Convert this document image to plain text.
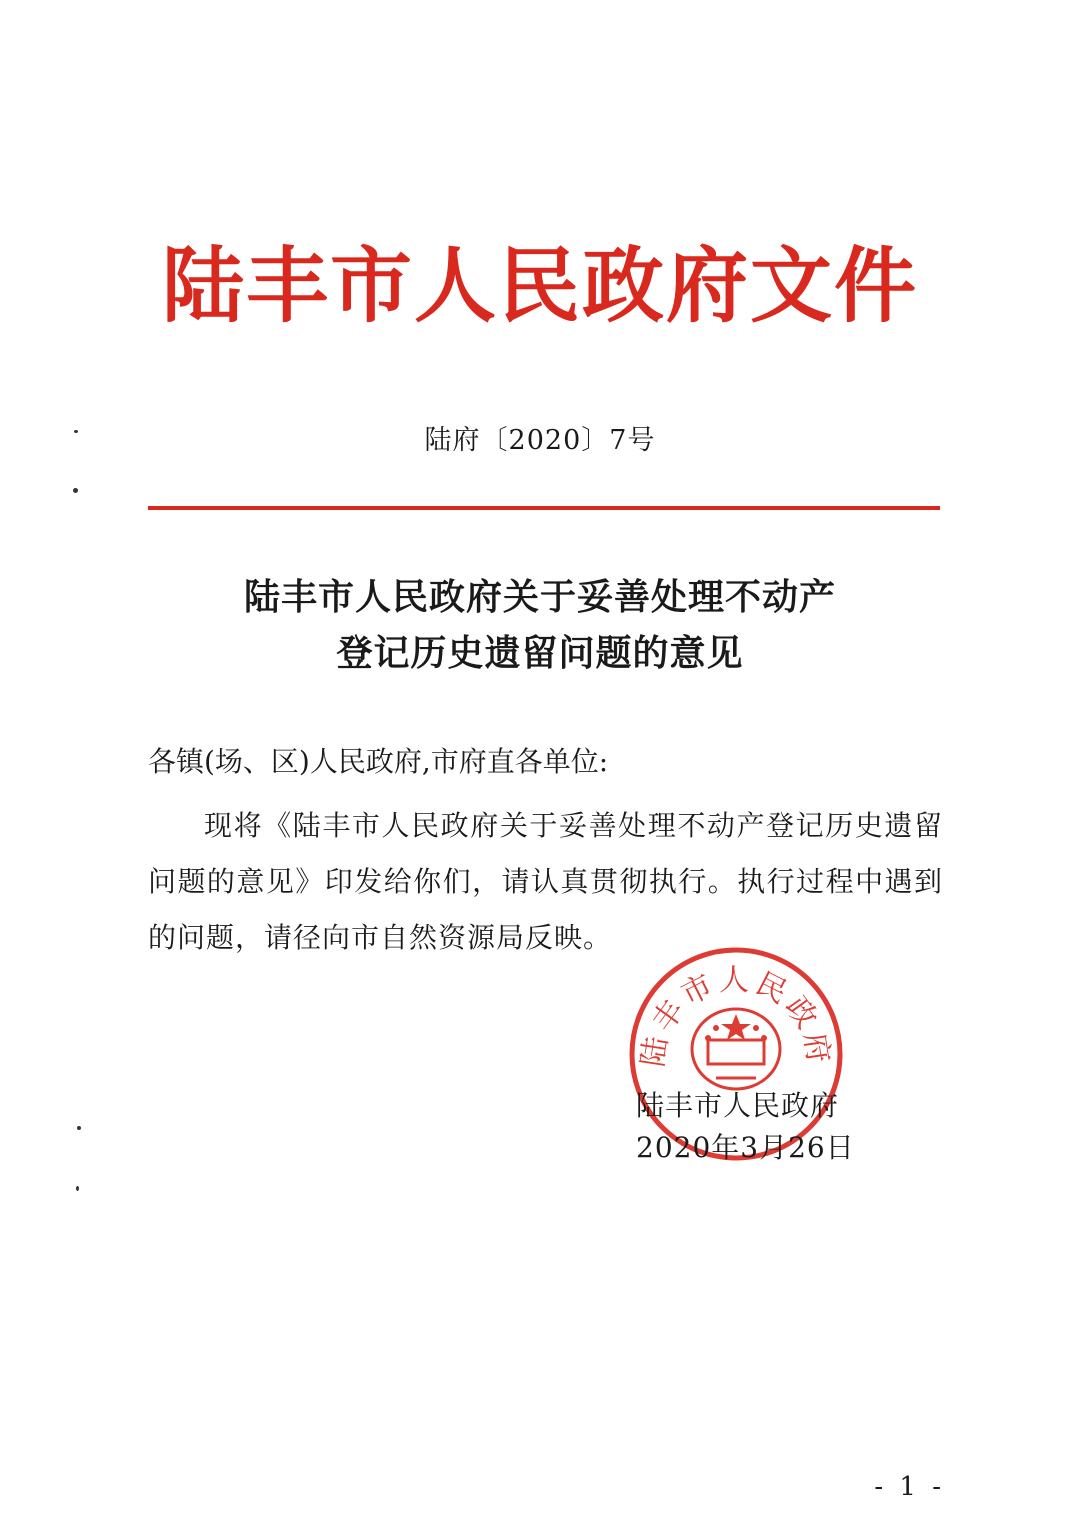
陆丰市人民政府文件
陆府〔2020〕7号
陆丰市人民政府关于妥善处理不动产
登记历史遗留问题的意见
各镇(场、区)人民政府,市府直各单位:
现将《陆丰市人民政府关于妥善处理不动产登记历史遗留问题的意见》印发给你们，请认真贯彻执行。执行过程中遇到的问题，请径向市自然资源局反映。
陆丰市人民政府
陆丰市人民政府
2020年3月26日
- 1 -
